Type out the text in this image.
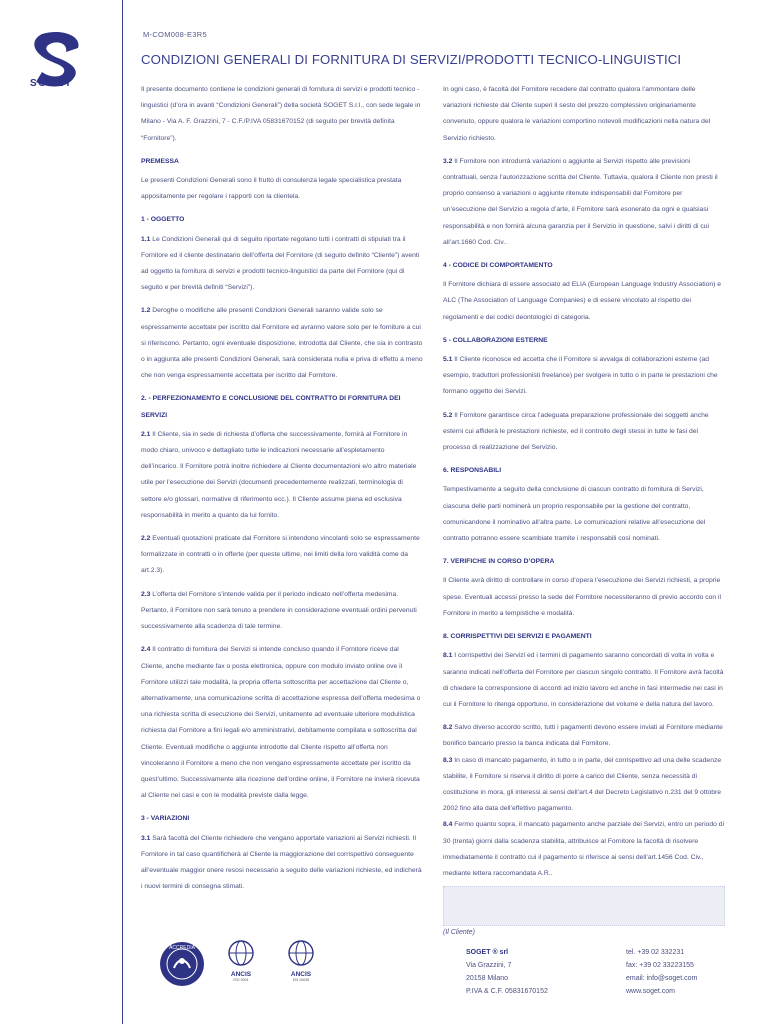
SOGET
M-COM008-E3R5
CONDIZIONI GENERALI DI FORNITURA DI SERVIZI/PRODOTTI TECNICO-LINGUISTICI

Il presente documento contiene le condizioni generali di fornitura di servizi e prodotti tecnico - linguistici (d’ora in avanti “Condizioni Generali”) della società SOGET S.r.l., con sede legale in Milano - Via A. F. Grazzini, 7 - C.F./P.IVA 05831670152 (di seguito per brevità definita “Fornitore”).

PREMESSA

Le presenti Condizioni Generali sono il frutto di consulenza legale specialistica prestata appositamente per regolare i rapporti con la clientela.

1 - OGGETTO

1.1 Le Condizioni Generali qui di seguito riportate regolano tutti i contratti di stipulati tra il Fornitore ed il cliente destinatario dell’offerta del Fornitore (di seguito definito “Cliente”) aventi ad oggetto la fornitura di servizi e prodotti tecnico-linguistici da parte del Fornitore (qui di seguito e per brevità definiti “Servizi”).

1.2 Deroghe o modifiche alle presenti Condizioni Generali saranno valide solo se espressamente accettate per iscritto dal Fornitore ed avranno valore solo per le forniture a cui si riferiscono. Pertanto, ogni eventuale disposizione, introdotta dal Cliente, che sia in contrasto o in aggiunta alle presenti Condizioni Generali, sarà considerata nulla e priva di effetto a meno che non venga espressamente accettata per iscritto dal Fornitore.

2. - PERFEZIONAMENTO E CONCLUSIONE DEL CONTRATTO DI FORNITURA DEI SERVIZI

2.1 Il Cliente, sia in sede di richiesta d’offerta che successivamente, fornirà al Fornitore in modo chiaro, univoco e dettagliato tutte le indicazioni necessarie all’espletamento dell’incarico. Il Fornitore potrà inoltre richiedere al Cliente documentazioni e/o altro materiale utile per l’esecuzione dei Servizi (documenti precedentemente realizzati, terminologia di settore e/o glossari, normative di riferimento ecc.). Il Cliente assume piena ed esclusiva responsabilità in merito a quanto da lui fornito.

2.2 Eventuali quotazioni praticate dal Fornitore si intendono vincolanti solo se espressamente formalizzate in contratti o in offerte (per queste ultime, nei limiti della loro validità come da art.2.3).

2.3 L’offerta del Fornitore s’intende valida per il periodo indicato nell’offerta medesima. Pertanto, il Fornitore non sarà tenuto a prendere in considerazione eventuali ordini pervenuti successivamente alla scadenza di tale termine.

2.4 Il contratto di fornitura dei Servizi si intende concluso quando il Fornitore riceve dal Cliente, anche mediante fax o posta elettronica, oppure con modulo inviato online ove il Fornitore utilizzi tale modalità, la propria offerta sottoscritta per accettazione dal Cliente o, alternativamente, una comunicazione scritta di accettazione espressa dell’offerta medesima o una richiesta scritta di esecuzione dei Servizi, unitamente ad eventuale ulteriore modulistica richiesta dal Fornitore a fini legali e/o amministrativi, debitamente compilata e sottoscritta dal Cliente. Eventuali modifiche o aggiunte introdotte dal Cliente rispetto all’offerta non vincoleranno il Fornitore a meno che non vengano espressamente accettate per iscritto da quest’ultimo. Successivamente alla ricezione dell’ordine online, il Fornitore ne invierà ricevuta al Cliente nei casi e con le modalità previste dalla legge.

3 - VARIAZIONI

3.1 Sarà facoltà del Cliente richiedere che vengano apportate variazioni ai Servizi richiesti. Il Fornitore in tal caso quantificherà al Cliente la maggiorazione del corrispettivo conseguente all’eventuale maggior onere resosi necessario a seguito delle variazioni richieste, ed indicherà i nuovi termini di consegna stimati.

In ogni caso, è facoltà del Fornitore recedere dal contratto qualora l’ammontare delle variazioni richieste dal Cliente superi il sesto del prezzo complessivo originariamente convenuto, oppure qualora le variazioni comportino notevoli modificazioni nella natura del Servizio richiesto.

3.2 Il Fornitore non introdurrà variazioni o aggiunte ai Servizi rispetto alle previsioni contrattuali, senza l’autorizzazione scritta del Cliente. Tuttavia, qualora il Cliente non presti il proprio consenso a variazioni o aggiunte ritenute indispensabili dal Fornitore per un’esecuzione del Servizio a regola d’arte, il Fornitore sarà esonerato da ogni e qualsiasi responsabilità e non fornirà alcuna garanzia per il Servizio in questione, salvi i diritti di cui all’art.1660 Cod. Civ..

4 - CODICE DI COMPORTAMENTO

Il Fornitore dichiara di essere associato ad ELIA (European Language Industry Association) e ALC (The Association of Language Companies) e di essere vincolato al rispetto dei regolamenti e dei codici deontologici di categoria.

5 - COLLABORAZIONI ESTERNE

5.1 Il Cliente riconosce ed accetta che il Fornitore si avvalga di collaborazioni esterne (ad esempio, traduttori professionisti freelance) per svolgere in tutto o in parte le prestazioni che formano oggetto dei Servizi.

5.2 Il Fornitore garantisce circa l’adeguata preparazione professionale dei soggetti anche esterni cui affiderà le prestazioni richieste, ed il controllo degli stessi in tutte le fasi del processo di realizzazione del Servizio.

6. RESPONSABILI

Tempestivamente a seguito della conclusione di ciascun contratto di fornitura di Servizi, ciascuna delle parti nominerà un proprio responsabile per la gestione del contratto, comunicandone il nominativo all’altra parte. Le comunicazioni relative all’esecuzione del contratto potranno essere scambiate tramite i responsabili così nominati.

7. VERIFICHE IN CORSO D’OPERA

Il Cliente avrà diritto di controllare in corso d’opera l’esecuzione dei Servizi richiesti, a proprie spese. Eventuali accessi presso la sede del Fornitore necessiteranno di previo accordo con il Fornitore in merito a tempistiche e modalità.

8. CORRISPETTIVI DEI SERVIZI E PAGAMENTI

8.1 I corrispettivi dei Servizi ed i termini di pagamento saranno concordati di volta in volta e saranno indicati nell’offerta del Fornitore per ciascun singolo contratto. Il Fornitore avrà facoltà di chiedere la corresponsione di acconti ad inizio lavoro ed anche in fasi intermedie nei casi in cui il Fornitore lo ritenga opportuno, in considerazione del volume e della natura del lavoro.

8.2 Salvo diverso accordo scritto, tutti i pagamenti devono essere inviati al Fornitore mediante bonifico bancario presso la banca indicata dal Fornitore.

8.3 In caso di mancato pagamento, in tutto o in parte, del corrispettivo ad una delle scadenze stabilite, il Fornitore si riserva il diritto di porre a carico del Cliente, senza necessità di costituzione in mora, gli interessi ai sensi dell’art.4 del Decreto Legislativo n.231 del 9 ottobre 2002 fino alla data dell’effettivo pagamento.

8.4 Fermo quanto sopra, il mancato pagamento anche parziale dei Servizi, entro un periodo di 30 (trenta) giorni dalla scadenza stabilita, attribuisce al Fornitore la facoltà di risolvere immediatamente il contratto cui il pagamento si riferisce ai sensi dell’art.1456 Cod. Civ., mediante lettera raccomandata A.R..

(Il Cliente)
ACCREDIA
ANCIS
ISO 9001
ANCIS
EN 15038
SOGET ® srl
Via Grazzini, 7
20158 Milano
P.IVA & C.F. 05831670152
tel. +39 02 332231
fax: +39 02 33223155
email: info@soget.com
www.soget.com
